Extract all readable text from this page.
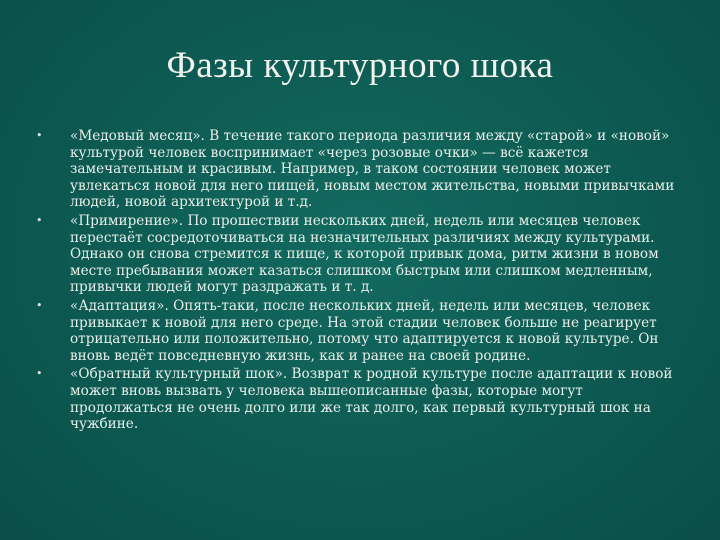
Фазы культурного шока
• «Медовый месяц». В течение такого периода различия между «старой» и «новой» культурой человек воспринимает «через розовые очки» — всё кажется замечательным и красивым. Например, в таком состоянии человек может увлекаться новой для него пищей, новым местом жительства, новыми привычками людей, новой архитектурой и т.д.
• «Примирение». По прошествии нескольких дней, недель или месяцев человек перестаёт сосредоточиваться на незначительных различиях между культурами. Однако он снова стремится к пище, к которой привык дома, ритм жизни в новом месте пребывания может казаться слишком быстрым или слишком медленным, привычки людей могут раздражать и т. д.
• «Адаптация». Опять-таки, после нескольких дней, недель или месяцев, человек привыкает к новой для него среде. На этой стадии человек больше не реагирует отрицательно или положительно, потому что адаптируется к новой культуре. Он вновь ведёт повседневную жизнь, как и ранее на своей родине.
• «Обратный культурный шок». Возврат к родной культуре после адаптации к новой может вновь вызвать у человека вышеописанные фазы, которые могут продолжаться не очень долго или же так долго, как первый культурный шок на чужбине.
